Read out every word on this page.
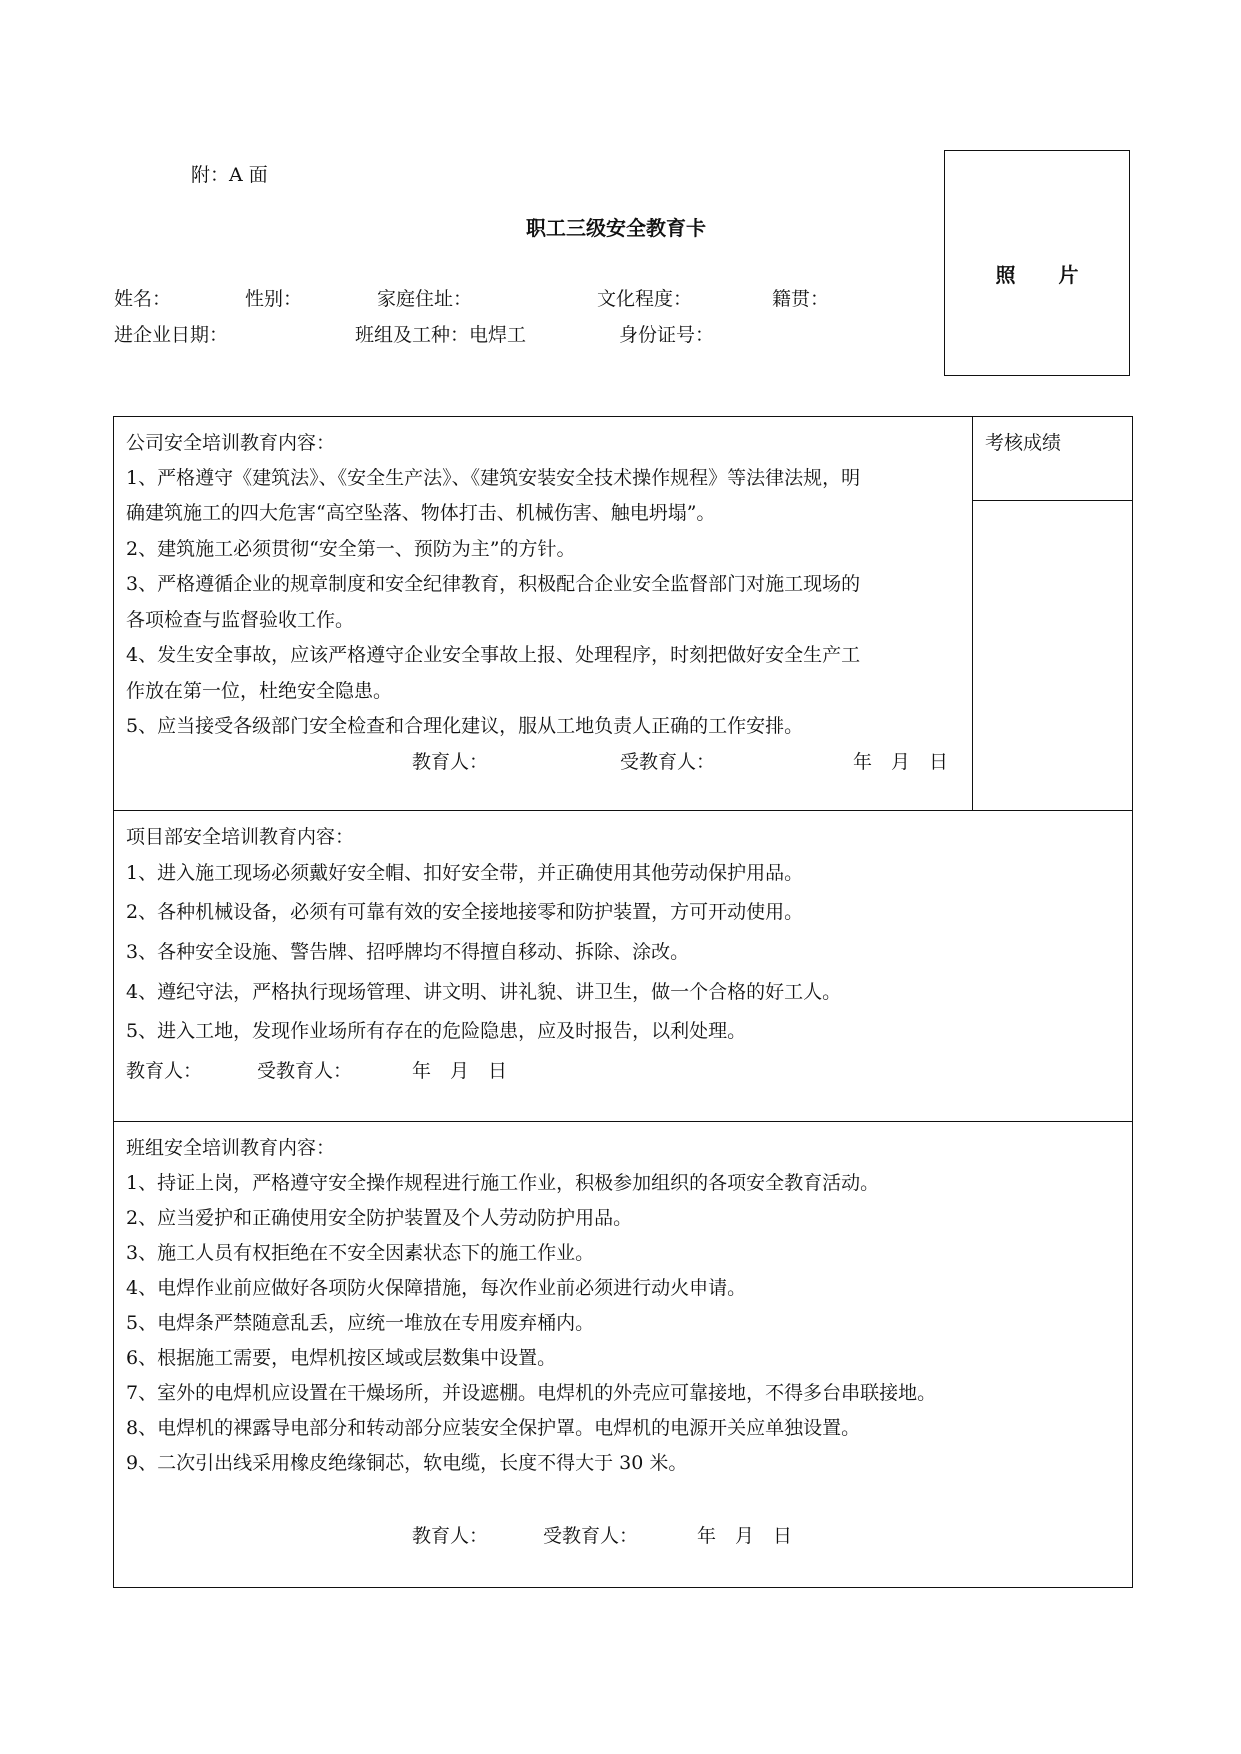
附：A 面
职工三级安全教育卡
照 片
姓名：	性别：	家庭住址：	文化程度：	籍贯：
进企业日期：	班组及工种：电焊工	身份证号：
考核成绩
公司安全培训教育内容：
1、严格遵守《建筑法》、《安全生产法》、《建筑安装安全技术操作规程》等法律法规，明
确建筑施工的四大危害“高空坠落、物体打击、机械伤害、触电坍塌”。
2、建筑施工必须贯彻“安全第一、预防为主”的方针。
3、严格遵循企业的规章制度和安全纪律教育，积极配合企业安全监督部门对施工现场的
各项检查与监督验收工作。
4、发生安全事故，应该严格遵守企业安全事故上报、处理程序，时刻把做好安全生产工
作放在第一位，杜绝安全隐患。
5、应当接受各级部门安全检查和合理化建议，服从工地负责人正确的工作安排。
教育人：	受教育人：	年　月　日
项目部安全培训教育内容：
1、进入施工现场必须戴好安全帽、扣好安全带，并正确使用其他劳动保护用品。
2、各种机械设备，必须有可靠有效的安全接地接零和防护装置，方可开动使用。
3、各种安全设施、警告牌、招呼牌均不得擅自移动、拆除、涂改。
4、遵纪守法，严格执行现场管理、讲文明、讲礼貌、讲卫生，做一个合格的好工人。
5、进入工地，发现作业场所有存在的危险隐患，应及时报告，以利处理。
教育人：	受教育人：	年　月　日
班组安全培训教育内容：
1、持证上岗，严格遵守安全操作规程进行施工作业，积极参加组织的各项安全教育活动。
2、应当爱护和正确使用安全防护装置及个人劳动防护用品。
3、施工人员有权拒绝在不安全因素状态下的施工作业。
4、电焊作业前应做好各项防火保障措施，每次作业前必须进行动火申请。
5、电焊条严禁随意乱丢，应统一堆放在专用废弃桶内。
6、根据施工需要，电焊机按区域或层数集中设置。
7、室外的电焊机应设置在干燥场所，并设遮棚。电焊机的外壳应可靠接地，不得多台串联接地。
8、电焊机的裸露导电部分和转动部分应装安全保护罩。电焊机的电源开关应单独设置。
9、二次引出线采用橡皮绝缘铜芯，软电缆，长度不得大于 30 米。
教育人：	受教育人：	年　月　日
